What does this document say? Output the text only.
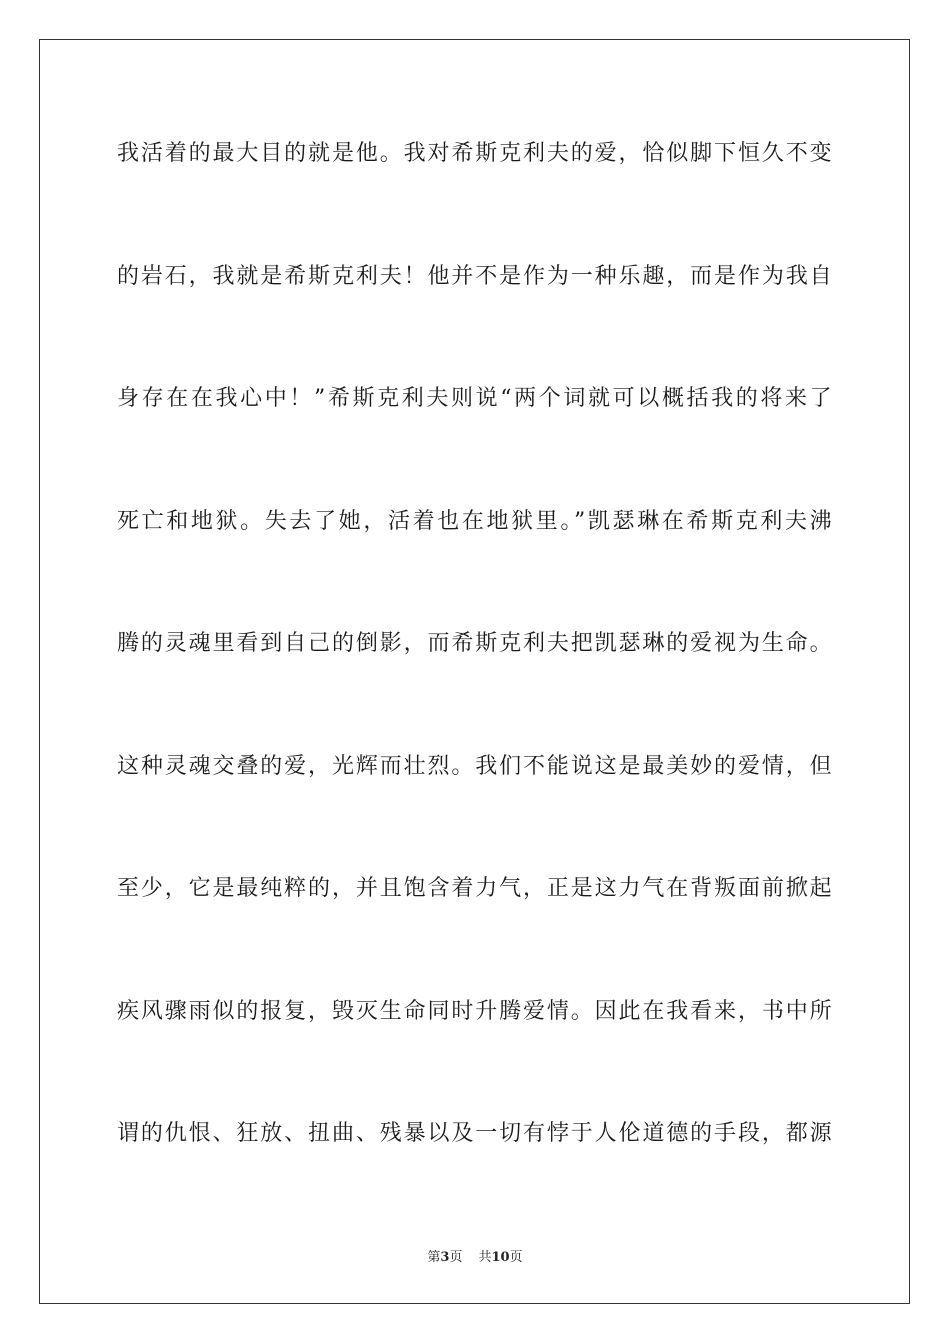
我活着的最大目的就是他。我对希斯克利夫的爱，恰似脚下恒久不变
的岩石，我就是希斯克利夫！他并不是作为一种乐趣，而是作为我自
身存在在我心中！”希斯克利夫则说“两个词就可以概括我的将来了
死亡和地狱。失去了她，活着也在地狱里。”凯瑟琳在希斯克利夫沸
腾的灵魂里看到自己的倒影，而希斯克利夫把凯瑟琳的爱视为生命。
这种灵魂交叠的爱，光辉而壮烈。我们不能说这是最美妙的爱情，但
至少，它是最纯粹的，并且饱含着力气，正是这力气在背叛面前掀起
疾风骤雨似的报复，毁灭生命同时升腾爱情。因此在我看来，书中所
谓的仇恨、狂放、扭曲、残暴以及一切有悖于人伦道德的手段，都源
第3页 共10页
